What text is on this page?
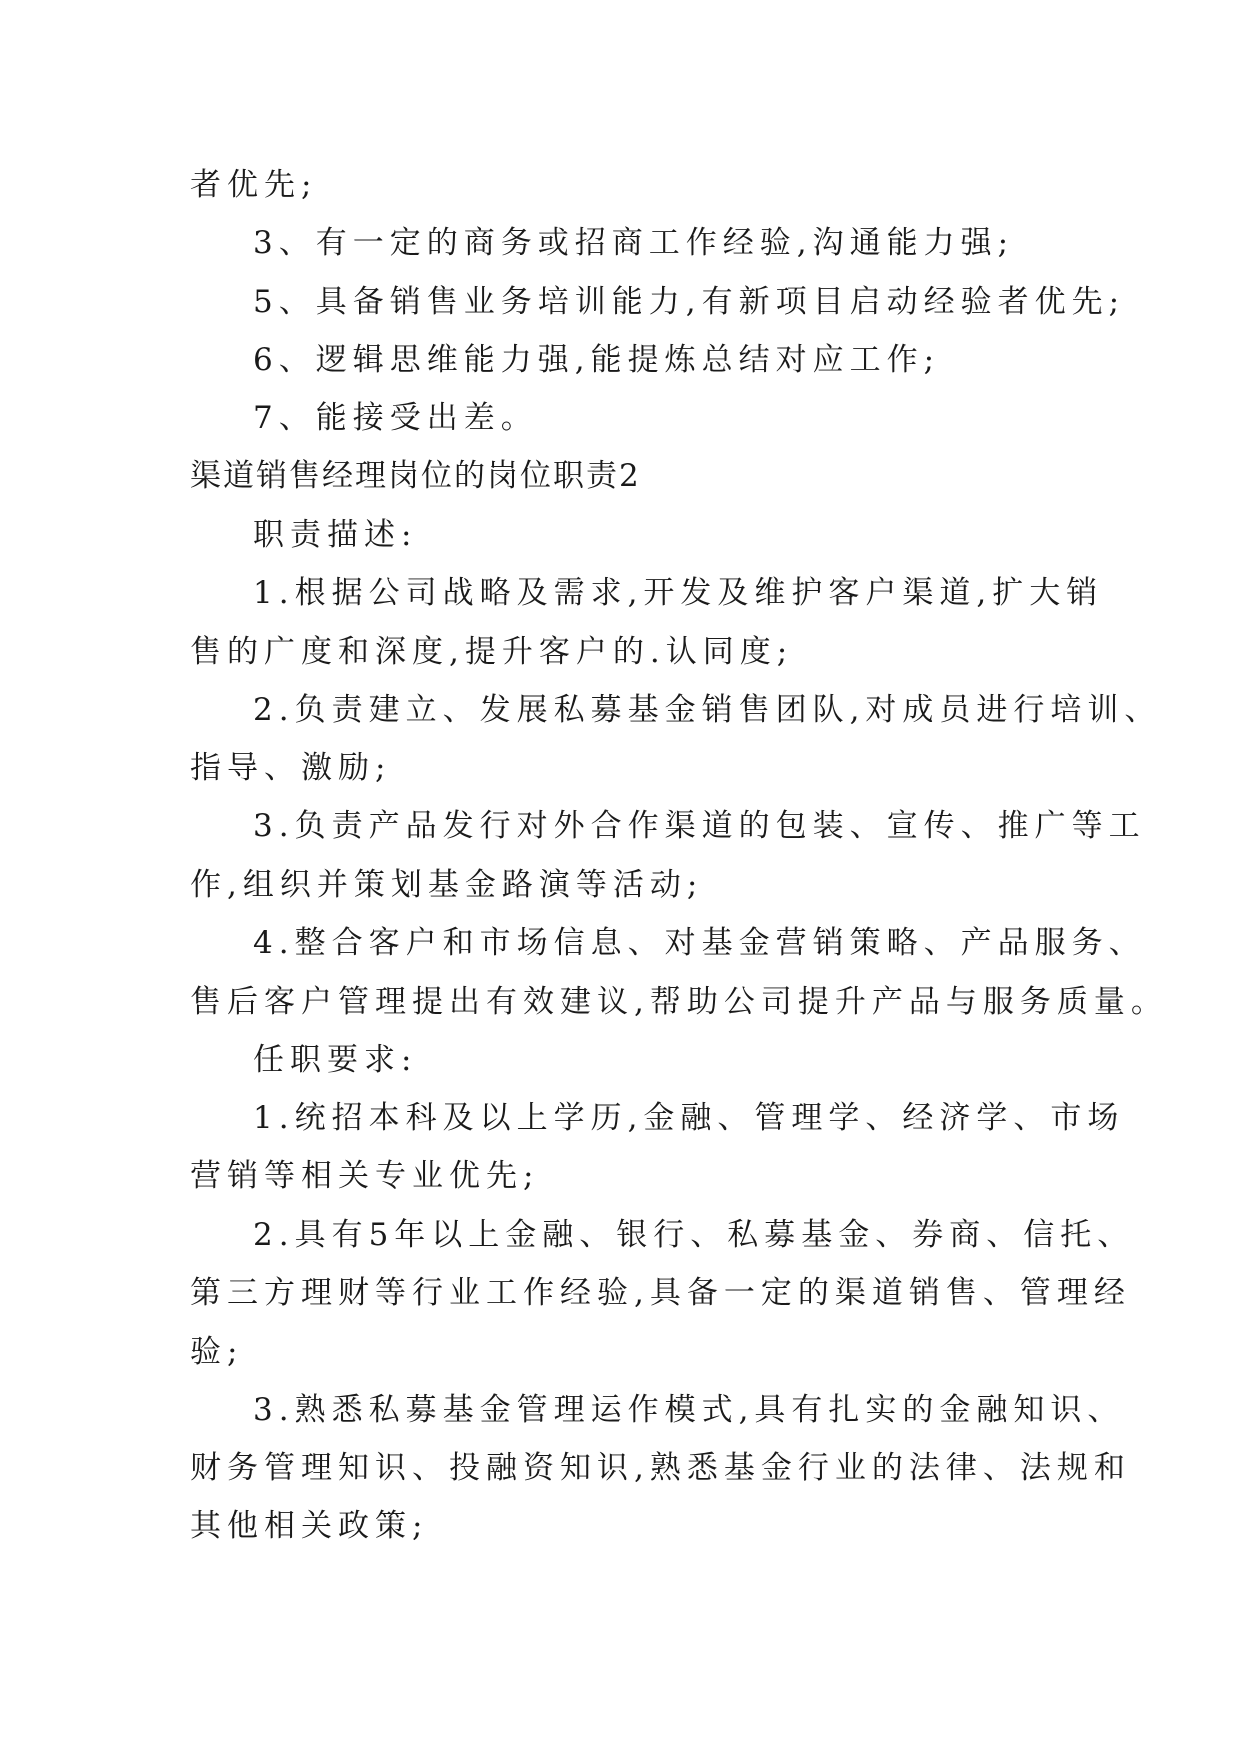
者优先;
3、有一定的商务或招商工作经验,沟通能力强;
5、具备销售业务培训能力,有新项目启动经验者优先;
6、逻辑思维能力强,能提炼总结对应工作;
7、能接受出差。
渠道销售经理岗位的岗位职责2
职责描述:
1.根据公司战略及需求,开发及维护客户渠道,扩大销
售的广度和深度,提升客户的.认同度;
2.负责建立、发展私募基金销售团队,对成员进行培训、
指导、激励;
3.负责产品发行对外合作渠道的包装、宣传、推广等工
作,组织并策划基金路演等活动;
4.整合客户和市场信息、对基金营销策略、产品服务、
售后客户管理提出有效建议,帮助公司提升产品与服务质量。
任职要求:
1.统招本科及以上学历,金融、管理学、经济学、市场
营销等相关专业优先;
2.具有5年以上金融、银行、私募基金、券商、信托、
第三方理财等行业工作经验,具备一定的渠道销售、管理经
验;
3.熟悉私募基金管理运作模式,具有扎实的金融知识、
财务管理知识、投融资知识,熟悉基金行业的法律、法规和
其他相关政策;
